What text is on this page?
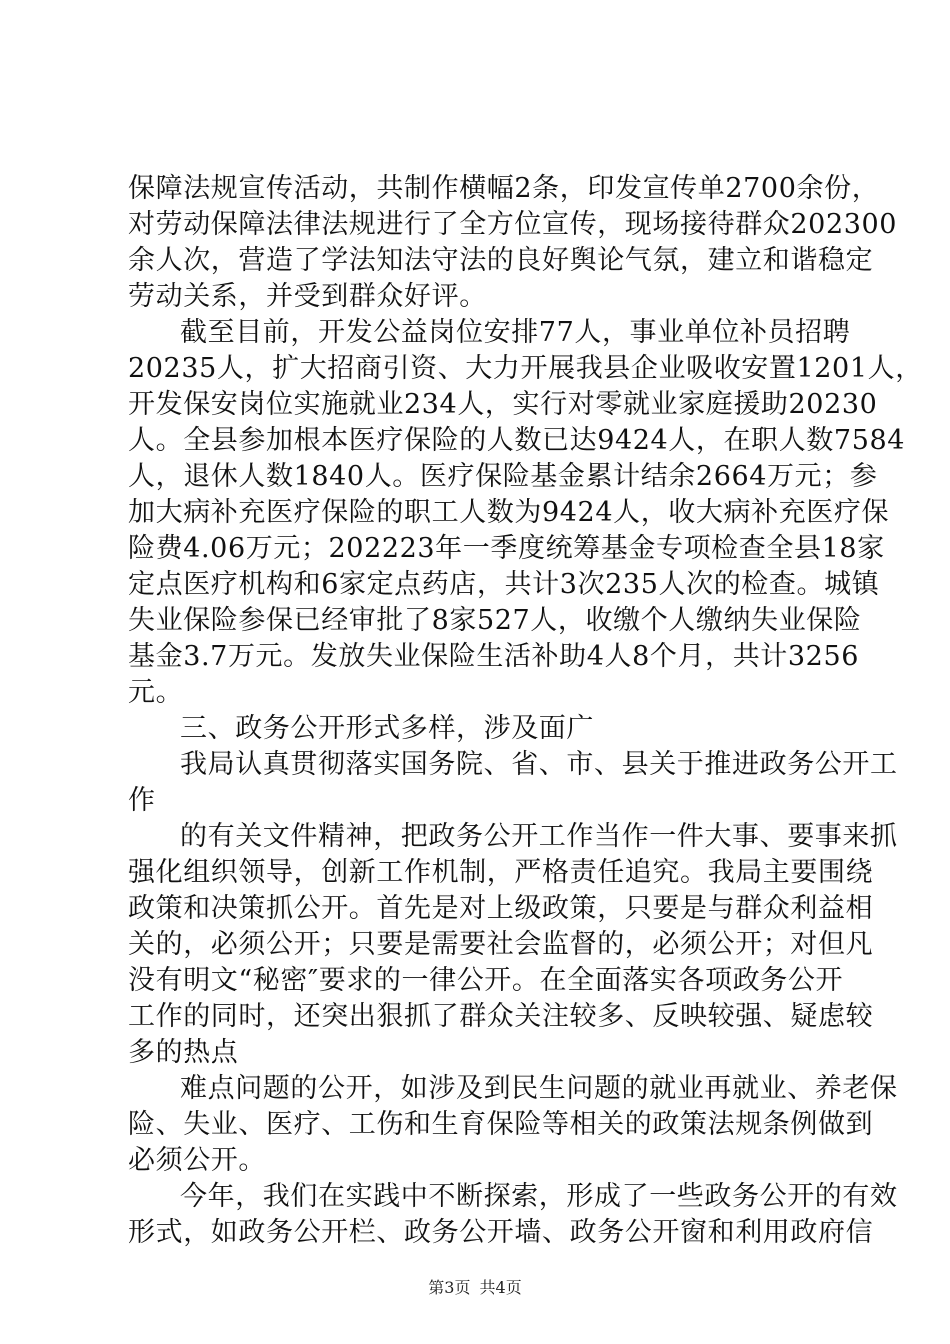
保障法规宣传活动，共制作横幅2条，印发宣传单2700余份，
对劳动保障法律法规进行了全方位宣传，现场接待群众202300
余人次，营造了学法知法守法的良好舆论气氛，建立和谐稳定
劳动关系，并受到群众好评。
截至目前，开发公益岗位安排77人，事业单位补员招聘
20235人，扩大招商引资、大力开展我县企业吸收安置1201人，
开发保安岗位实施就业234人，实行对零就业家庭援助20230
人。全县参加根本医疗保险的人数已达9424人，在职人数7584
人，退休人数1840人。医疗保险基金累计结余2664万元；参
加大病补充医疗保险的职工人数为9424人，收大病补充医疗保
险费4.06万元；202223年一季度统筹基金专项检查全县18家
定点医疗机构和6家定点药店，共计3次235人次的检查。城镇
失业保险参保已经审批了8家527人，收缴个人缴纳失业保险
基金3.7万元。发放失业保险生活补助4人8个月，共计3256
元。
三、政务公开形式多样，涉及面广
我局认真贯彻落实国务院、省、市、县关于推进政务公开工
作
的有关文件精神，把政务公开工作当作一件大事、要事来抓
强化组织领导，创新工作机制，严格责任追究。我局主要围绕
政策和决策抓公开。首先是对上级政策，只要是与群众利益相
关的，必须公开；只要是需要社会监督的，必须公开；对但凡
没有明文“秘密″要求的一律公开。在全面落实各项政务公开
工作的同时，还突出狠抓了群众关注较多、反映较强、疑虑较
多的热点
难点问题的公开，如涉及到民生问题的就业再就业、养老保
险、失业、医疗、工伤和生育保险等相关的政策法规条例做到
必须公开。
今年，我们在实践中不断探索，形成了一些政务公开的有效
形式，如政务公开栏、政务公开墙、政务公开窗和利用政府信
第3页 共4页
